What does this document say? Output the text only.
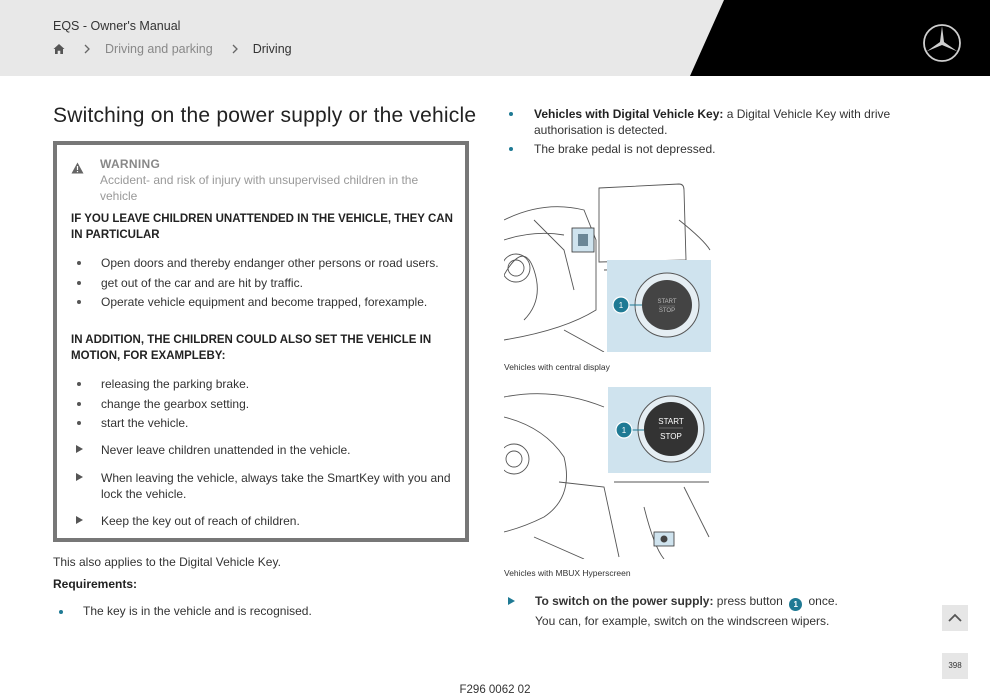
EQS - Owner's Manual
Driving and parking	Driving
Switching on the power supply or the vehicle
WARNING
Accident- and risk of injury with unsupervised children in the vehicle
IF YOU LEAVE CHILDREN UNATTENDED IN THE VEHICLE, THEY CAN IN PARTICULAR
Open doors and thereby endanger other persons or road users.
get out of the car and are hit by traffic.
Operate vehicle equipment and become trapped, forexample.
IN ADDITION, THE CHILDREN COULD ALSO SET THE VEHICLE IN MOTION, FOR EXAMPLEBY:
releasing the parking brake.
change the gearbox setting.
start the vehicle.
Never leave children unattended in the vehicle.
When leaving the vehicle, always take the SmartKey with you and lock the vehicle.
Keep the key out of reach of children.
This also applies to the Digital Vehicle Key.
Requirements:
The key is in the vehicle and is recognised.
Vehicles with Digital Vehicle Key: a Digital Vehicle Key with drive authorisation is detected.
The brake pedal is not depressed.
START
STOP
1
Vehicles with central display
START
STOP
1
Vehicles with MBUX Hyperscreen
To switch on the power supply: press button 1 once.
You can, for example, switch on the windscreen wipers.
398
F296 0062 02
